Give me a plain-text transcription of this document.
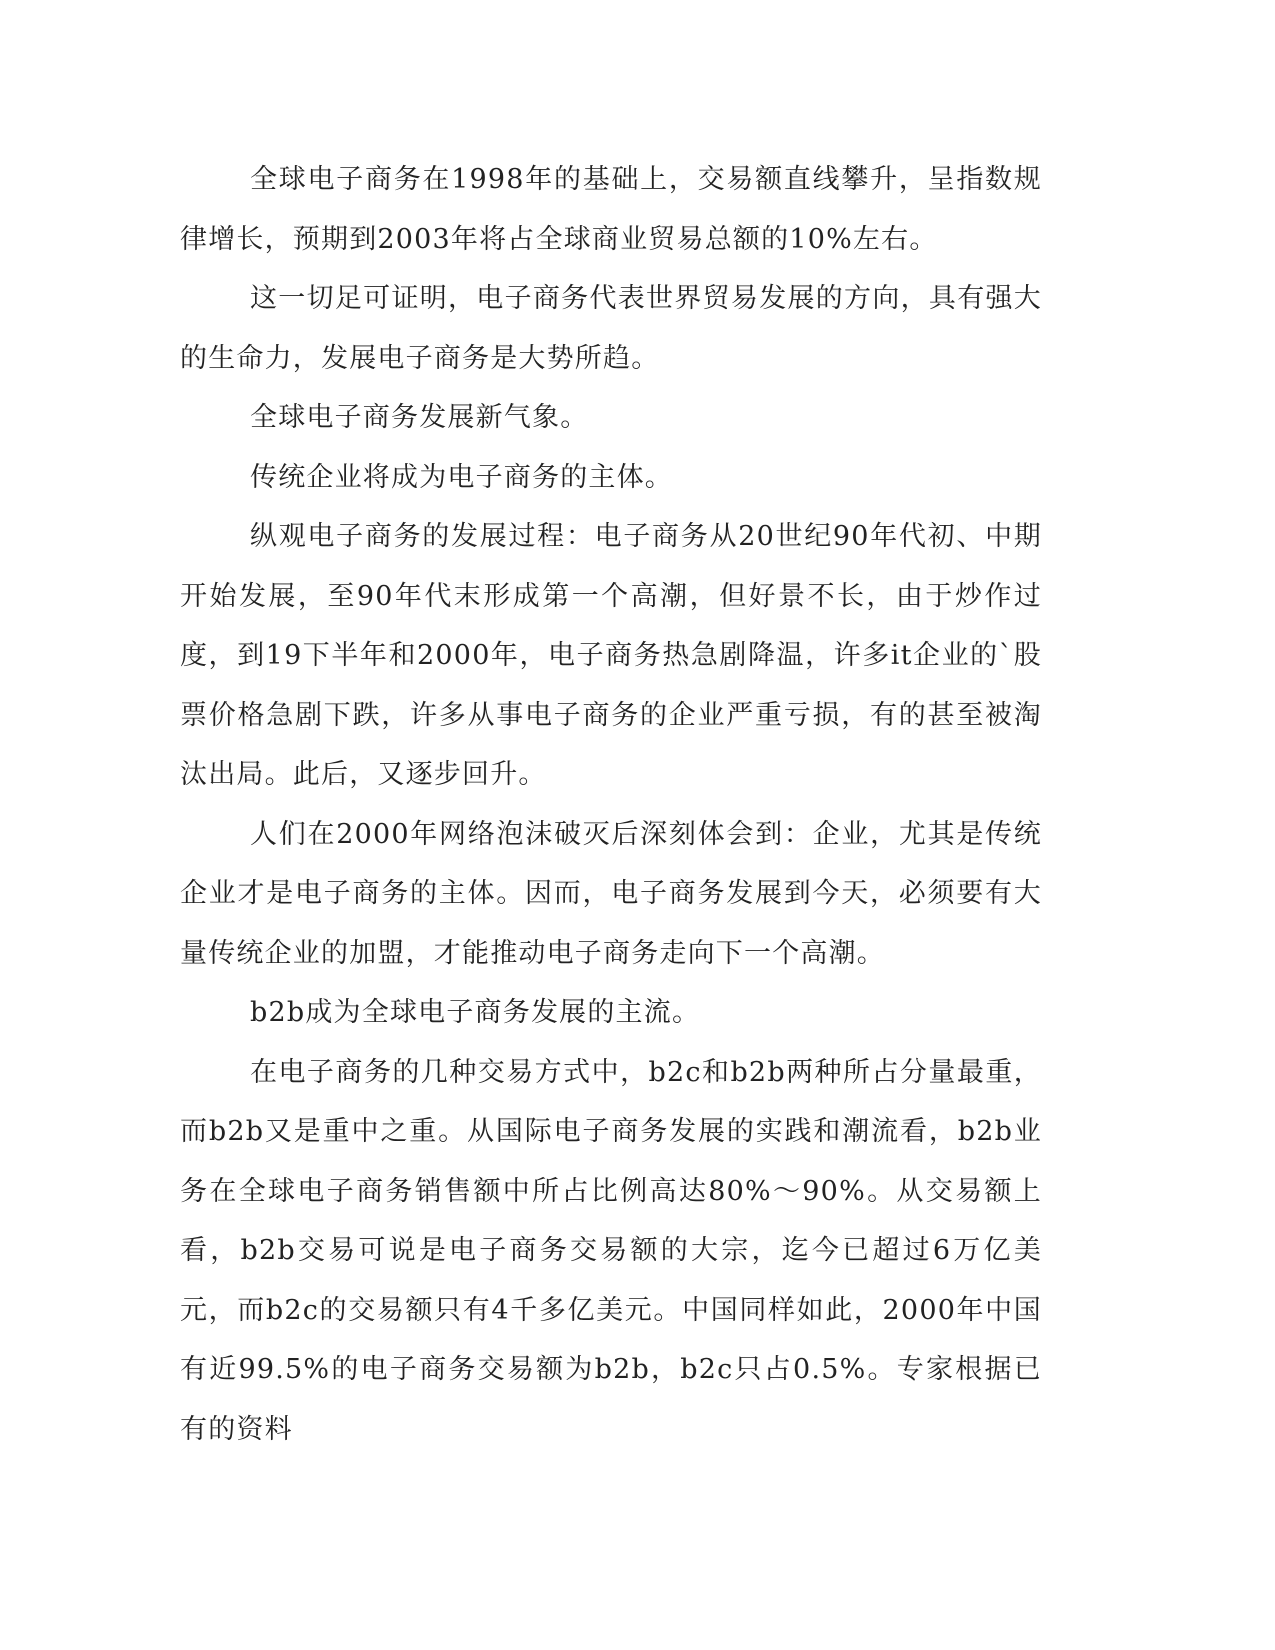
全球电子商务在1998年的基础上，交易额直线攀升，呈指数规律增长，预期到2003年将占全球商业贸易总额的10%左右。

这一切足可证明，电子商务代表世界贸易发展的方向，具有强大的生命力，发展电子商务是大势所趋。

全球电子商务发展新气象。

传统企业将成为电子商务的主体。

纵观电子商务的发展过程：电子商务从20世纪90年代初、中期开始发展，至90年代末形成第一个高潮，但好景不长，由于炒作过度，到19下半年和2000年，电子商务热急剧降温，许多it企业的`股票价格急剧下跌，许多从事电子商务的企业严重亏损，有的甚至被淘汰出局。此后，又逐步回升。

人们在2000年网络泡沫破灭后深刻体会到：企业，尤其是传统企业才是电子商务的主体。因而，电子商务发展到今天，必须要有大量传统企业的加盟，才能推动电子商务走向下一个高潮。

b2b成为全球电子商务发展的主流。

在电子商务的几种交易方式中，b2c和b2b两种所占分量最重，而b2b又是重中之重。从国际电子商务发展的实践和潮流看，b2b业务在全球电子商务销售额中所占比例高达80%～90%。从交易额上看，b2b交易可说是电子商务交易额的大宗，迄今已超过6万亿美元，而b2c的交易额只有4千多亿美元。中国同样如此，2000年中国有近99.5%的电子商务交易额为b2b，b2c只占0.5%。专家根据已有的资料
